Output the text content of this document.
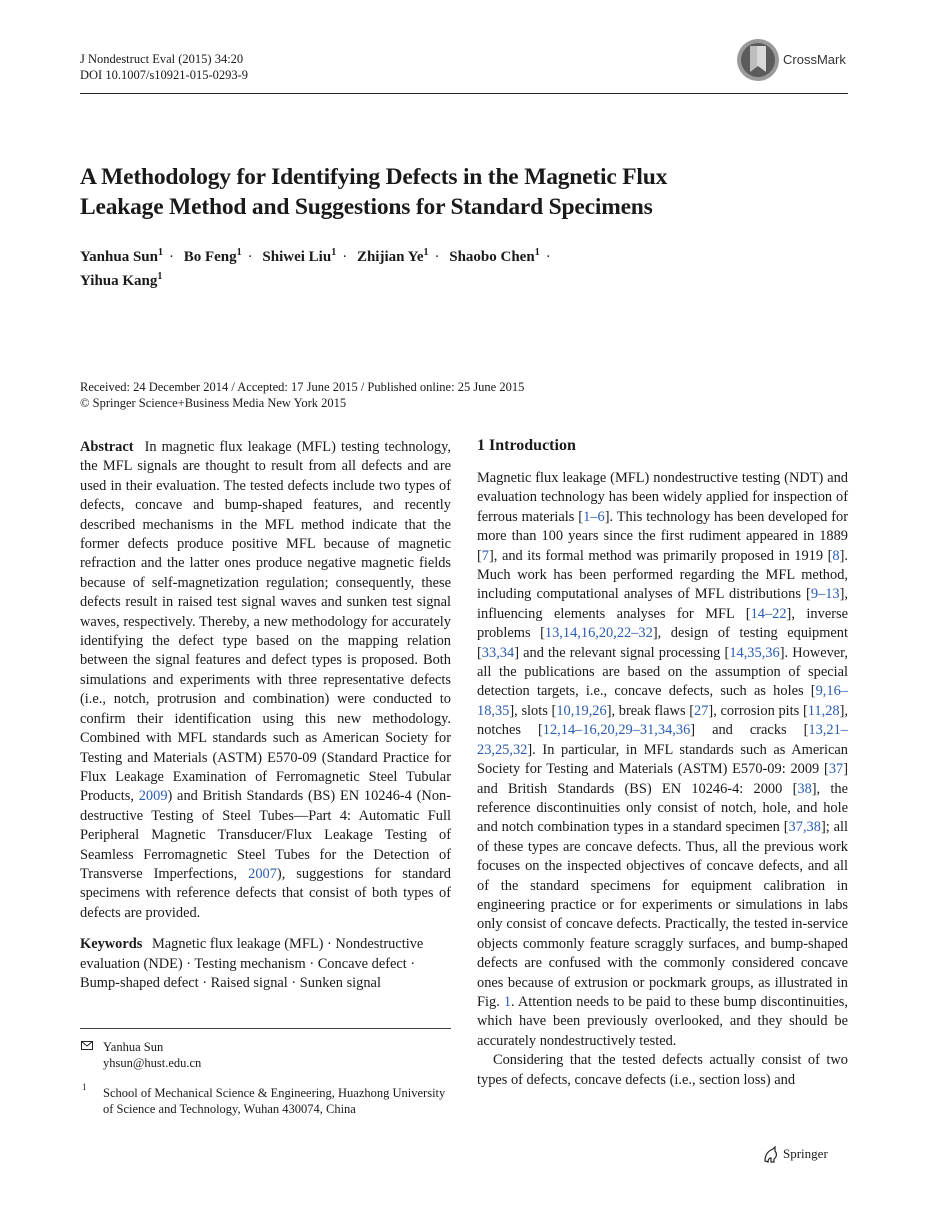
J Nondestruct Eval (2015) 34:20
DOI 10.1007/s10921-015-0293-9
CrossMark
A Methodology for Identifying Defects in the Magnetic Flux
Leakage Method and Suggestions for Standard Specimens
Yanhua Sun$^1$ · Bo Feng$^1$ · Shiwei Liu$^1$ · Zhijian $Ye^1$ · Shaobo Chen$^1$ ·
Yihua Kang$^1$
Received: 24 December 2014 / Accepted: 17 June 2015 / Published online: 25 June 2015
© Springer Science+Business Media New York 2015

Abstract In magnetic flux leakage (MFL) testing technology, the MFL signals are thought to result from all defects and are used in their evaluation. The tested defects include two types of defects, concave and bump-shaped features, and recently described mechanisms in the MFL method indicate that the former defects produce positive MFL because of magnetic refraction and the latter ones produce negative magnetic fields because of self-magnetization regulation; consequently, these defects result in raised test signal waves and sunken test signal waves, respectively. Thereby, a new methodology for accurately identifying the defect type based on the mapping relation between the signal features and defect types is proposed. Both simulations and experiments with three representative defects (i.e., notch, protrusion and combination) were conducted to confirm their identification using this new methodology. Combined with MFL standards such as American Society for Testing and Materials (ASTM) E570-09 (Standard Practice for Flux Leakage Examination of Ferromagnetic Steel Tubular Products, 2009) and British Standards (BS) EN 10246-4 (Non-destructive Testing of Steel Tubes—Part 4: Automatic Full Peripheral Magnetic Transducer/Flux Leakage Testing of Seamless Ferromagnetic Steel Tubes for the Detection of Transverse Imperfections, 2007), suggestions for standard specimens with reference defects that consist of both types of defects are provided.

Keywords Magnetic flux leakage (MFL) · Nondestructive evaluation (NDE) · Testing mechanism · Concave defect · Bump-shaped defect · Raised signal · Sunken signal

Yanhua Sun
yhsun@hust.edu.cn
1 School of Mechanical Science & Engineering, Huazhong University of Science and Technology, Wuhan 430074, China
1 Introduction

Magnetic flux leakage (MFL) nondestructive testing (NDT) and evaluation technology has been widely applied for inspection of ferrous materials [1–6]. This technology has been developed for more than 100 years since the first rudiment appeared in 1889 [7], and its formal method was primarily proposed in 1919 [8]. Much work has been performed regarding the MFL method, including computational analyses of MFL distributions [9–13], influencing elements analyses for MFL [14–22], inverse problems [13,14,16,20,22–32], design of testing equipment [33,34] and the relevant signal processing [14,35,36]. However, all the publications are based on the assumption of special detection targets, i.e., concave defects, such as holes [9,16–18,35], slots [10,19,26], break flaws [27], corrosion pits [11,28], notches [12,14–16,20,29–31,34,36] and cracks [13,21–23,25,32]. In particular, in MFL standards such as American Society for Testing and Materials (ASTM) E570-09: 2009 [37] and British Standards (BS) EN 10246-4: 2000 [38], the reference discontinuities only consist of notch, hole, and hole and notch combination types in a standard specimen [37,38]; all of these types are concave defects. Thus, all the previous work focuses on the inspected objectives of concave defects, and all of the standard specimens for equipment calibration in engineering practice or for experiments or simulations in labs only consist of concave defects. Practically, the tested in-service objects commonly feature scraggly surfaces, and bump-shaped defects are confused with the commonly considered concave ones because of extrusion or pockmark groups, as illustrated in Fig. 1. Attention needs to be paid to these bump discontinuities, which have been previously overlooked, and they should be accurately nondestructively tested.

Considering that the tested defects actually consist of two types of defects, concave defects (i.e., section loss) and

Springer
